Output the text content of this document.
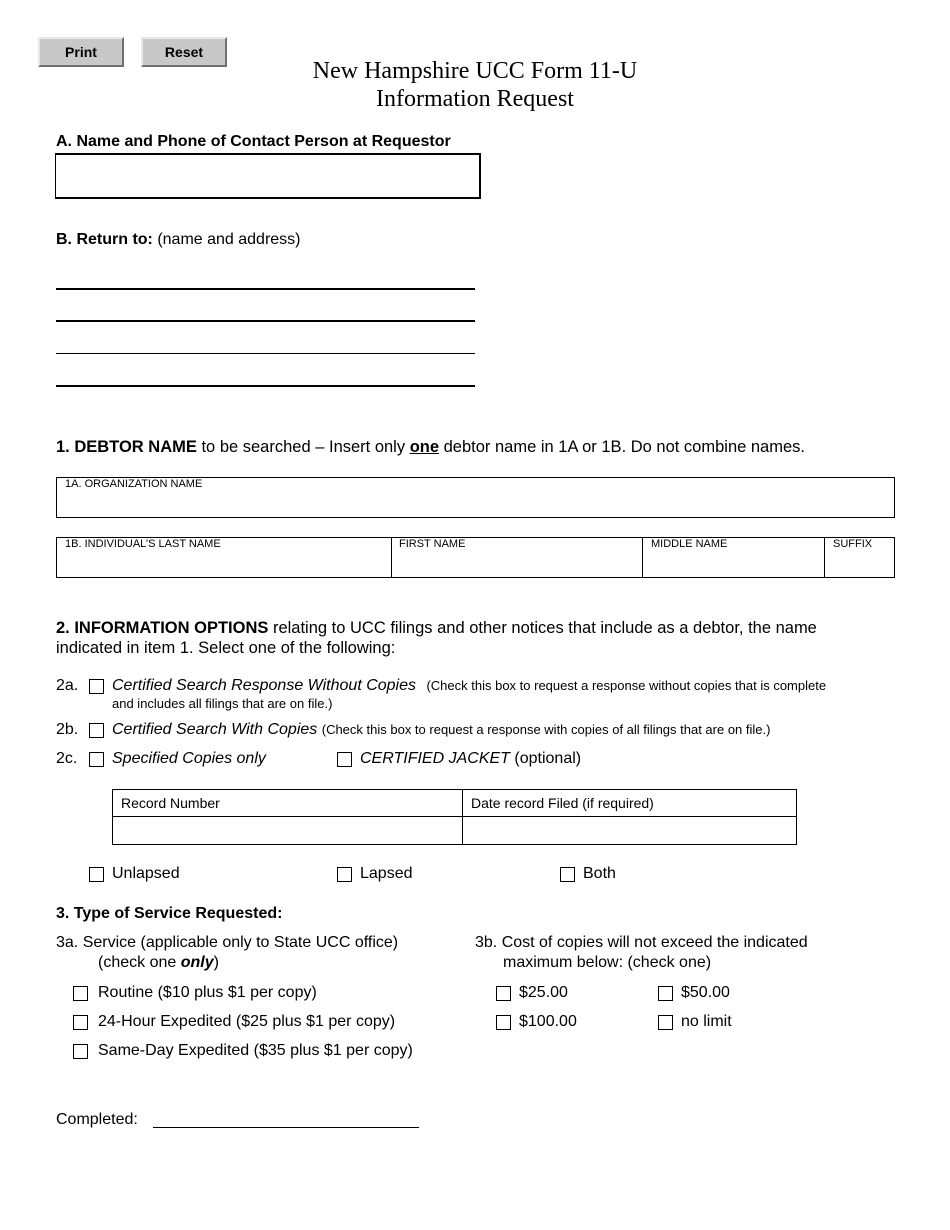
Print	Reset
New Hampshire UCC Form 11-U
Information Request
A. Name and Phone of Contact Person at Requestor
B. Return to: (name and address)
1. DEBTOR NAME to be searched – Insert only one debtor name in 1A or 1B. Do not combine names.
1A. ORGANIZATION NAME
1B. INDIVIDUAL’S LAST NAME	FIRST NAME	MIDDLE NAME	SUFFIX
2. INFORMATION OPTIONS relating to UCC filings and other notices that include as a debtor, the name
indicated in item 1. Select one of the following:
2a. Certified Search Response Without Copies (Check this box to request a response without copies that is complete
and includes all filings that are on file.)
2b. Certified Search With Copies (Check this box to request a response with copies of all filings that are on file.)
2c. Specified Copies only	CERTIFIED JACKET (optional)
Record Number	Date record Filed (if required)

Unlapsed	Lapsed	Both
3. Type of Service Requested:
3a. Service (applicable only to State UCC office)
(check one only)
Routine ($10 plus $1 per copy)
24-Hour Expedited ($25 plus $1 per copy)
Same-Day Expedited ($35 plus $1 per copy)
3b. Cost of copies will not exceed the indicated
maximum below: (check one)
$25.00	$50.00
$100.00	no limit
Completed:
